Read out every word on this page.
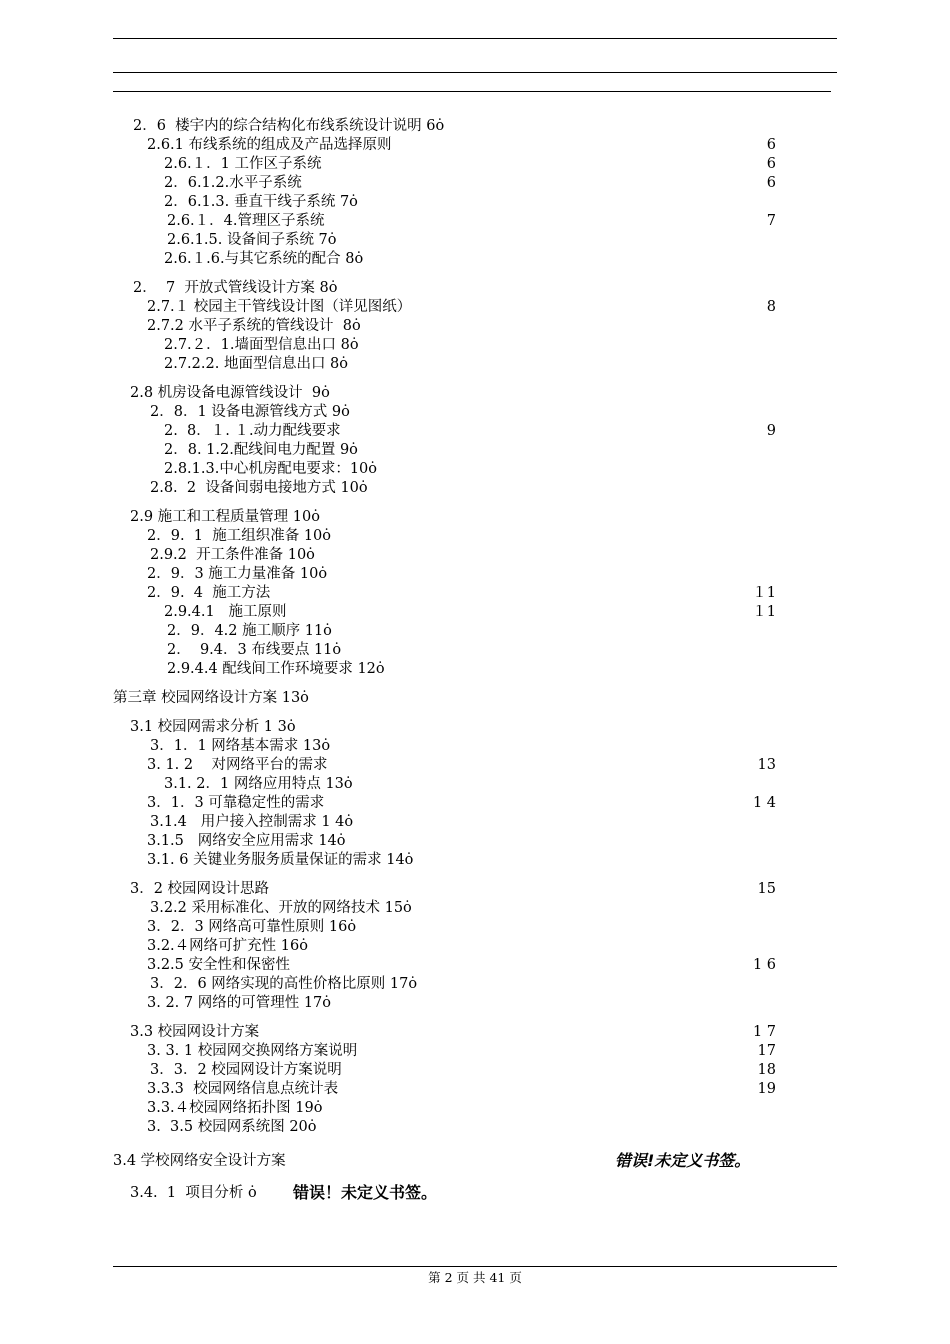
2．6  楼宇内的综合结构化布线系统设计说明 6ȯ
2.6.1 布线系统的组成及产品选择原则	6
2.6.１．1 工作区子系统	6
2．6.1.2.水平子系统	6
2．6.1.3. 垂直干线子系统 7ȯ
2.6.１．4.管理区子系统	7
2.6.1.5. 设备间子系统 7ȯ
2.6.１.6.与其它系统的配合 8ȯ
2．  7  开放式管线设计方案 8ȯ
2.7.１ 校园主干管线设计图（详见图纸）	8
2.7.2 水平子系统的管线设计  8ȯ
2.7.２．1.墙面型信息出口 8ȯ
2.7.2.2. 地面型信息出口 8ȯ
2.8 机房设备电源管线设计  9ȯ
2．8．1 设备电源管线方式 9ȯ
2.  8．１. １.动力配线要求	9
2．8. 1.2.配线间电力配置 9ȯ
2.8.1.3.中心机房配电要求：10ȯ
2.8.  2  设备间弱电接地方式 10ȯ
2.9 施工和工程质量管理 10ȯ
2．9.  1  施工组织准备 10ȯ
2.9.2  开工条件准备 10ȯ
2．9．3 施工力量准备 10ȯ
2．9.  4  施工方法	１1
2.9.4.1   施工原则	１1
2．9．4.2 施工顺序 11ȯ
2．  9.4．3 布线要点 11ȯ
2.9.4.4 配线间工作环境要求 12ȯ
第三章 校园网络设计方案 13ȯ
3.1 校园网需求分析 1 3ȯ
3．1．1 网络基本需求 13ȯ
3. 1. 2    对网络平台的需求	13
3.1. 2．1 网络应用特点 13ȯ
3．1．3 可靠稳定性的需求	1 4
3.1.4   用户接入控制需求 1 4ȯ
3.1.5   网络安全应用需求 14ȯ
3.1. 6 关键业务服务质量保证的需求 14ȯ
3．2 校园网设计思路	15
3.2.2 采用标准化、开放的网络技术 15ȯ
3．2．3 网络高可靠性原则 16ȯ
3.2.４网络可扩充性 16ȯ
3.2.5 安全性和保密性	1 6
3．2．6 网络实现的高性价格比原则 17ȯ
3. 2. 7 网络的可管理性 17ȯ
3.3 校园网设计方案	1 7
3. 3. 1 校园网交换网络方案说明	17
3．3．2 校园网设计方案说明	18
3.3.3  校园网络信息点统计表	19
3.3.４校园网络拓扑图 19ȯ
3.  3.5 校园网系统图 20ȯ
3.4 学校网络安全设计方案	错误!未定义书签。
3.4.  1  项目分析 ȯ 错误！未定义书签。
第 2 页 共 41 页
